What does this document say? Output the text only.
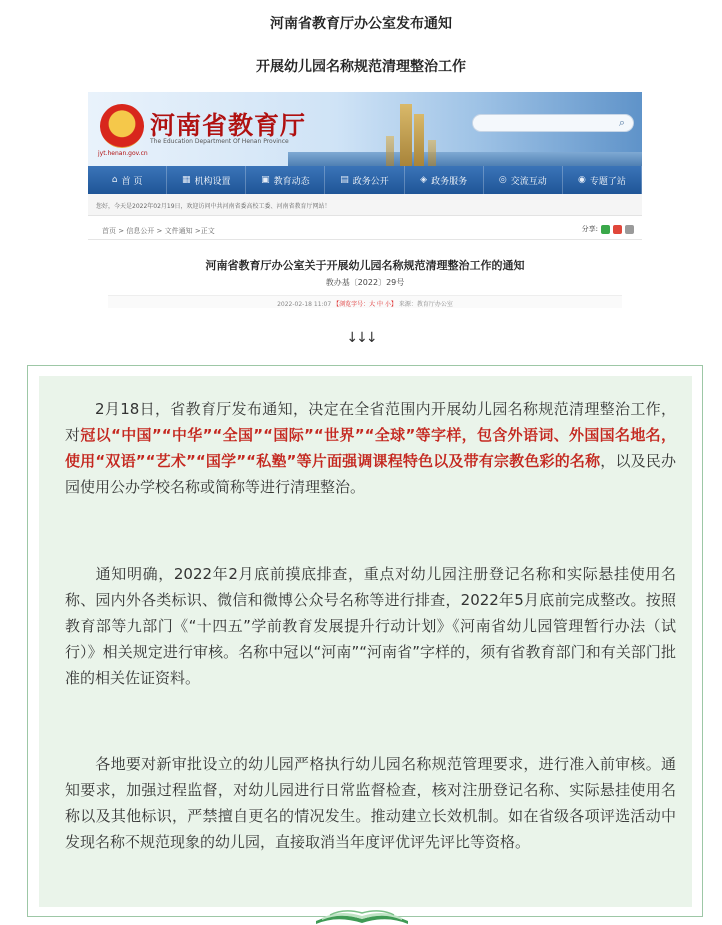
河南省教育厅办公室发布通知
开展幼儿园名称规范清理整治工作
河南省教育厅
The Education Department Of Henan Province
jyt.henan.gov.cn
⌕
⌂ 首 页	▦ 机构设置	▣ 教育动态	▤ 政务公开	◈ 政务服务	◎ 交流互动	◉ 专题了站
您好，今天是2022年02月19日，欢迎访问中共河南省委高校工委、河南省教育厅网站！
首页 > 信息公开 > 文件通知 >正文	分享:
河南省教育厅办公室关于开展幼儿园名称规范清理整治工作的通知
教办基〔2022〕29号
2022-02-18 11:07 【浏览字号：大 中 小】 来源：教育厅办公室
↓↓↓

  2月18日，省教育厅发布通知，决定在全省范围内开展幼儿园名称规范清理整治工作，对冠以“中国”“中华”“全国”“国际”“世界”“全球”等字样，包含外语词、外国国名地名，使用“双语”“艺术”“国学”“私塾”等片面强调课程特色以及带有宗教色彩的名称，以及民办园使用公办学校名称或简称等进行清理整治。

  通知明确，2022年2月底前摸底排查，重点对幼儿园注册登记名称和实际悬挂使用名称、园内外各类标识、微信和微博公众号名称等进行排查，2022年5月底前完成整改。按照教育部等九部门《“十四五”学前教育发展提升行动计划》《河南省幼儿园管理暂行办法（试行）》相关规定进行审核。名称中冠以“河南”“河南省”字样的，须有省教育部门和有关部门批准的相关佐证资料。

  各地要对新审批设立的幼儿园严格执行幼儿园名称规范管理要求，进行准入前审核。通知要求，加强过程监督，对幼儿园进行日常监督检查，核对注册登记名称、实际悬挂使用名称以及其他标识，严禁擅自更名的情况发生。推动建立长效机制。如在省级各项评选活动中发现名称不规范现象的幼儿园，直接取消当年度评优评先评比等资格。
